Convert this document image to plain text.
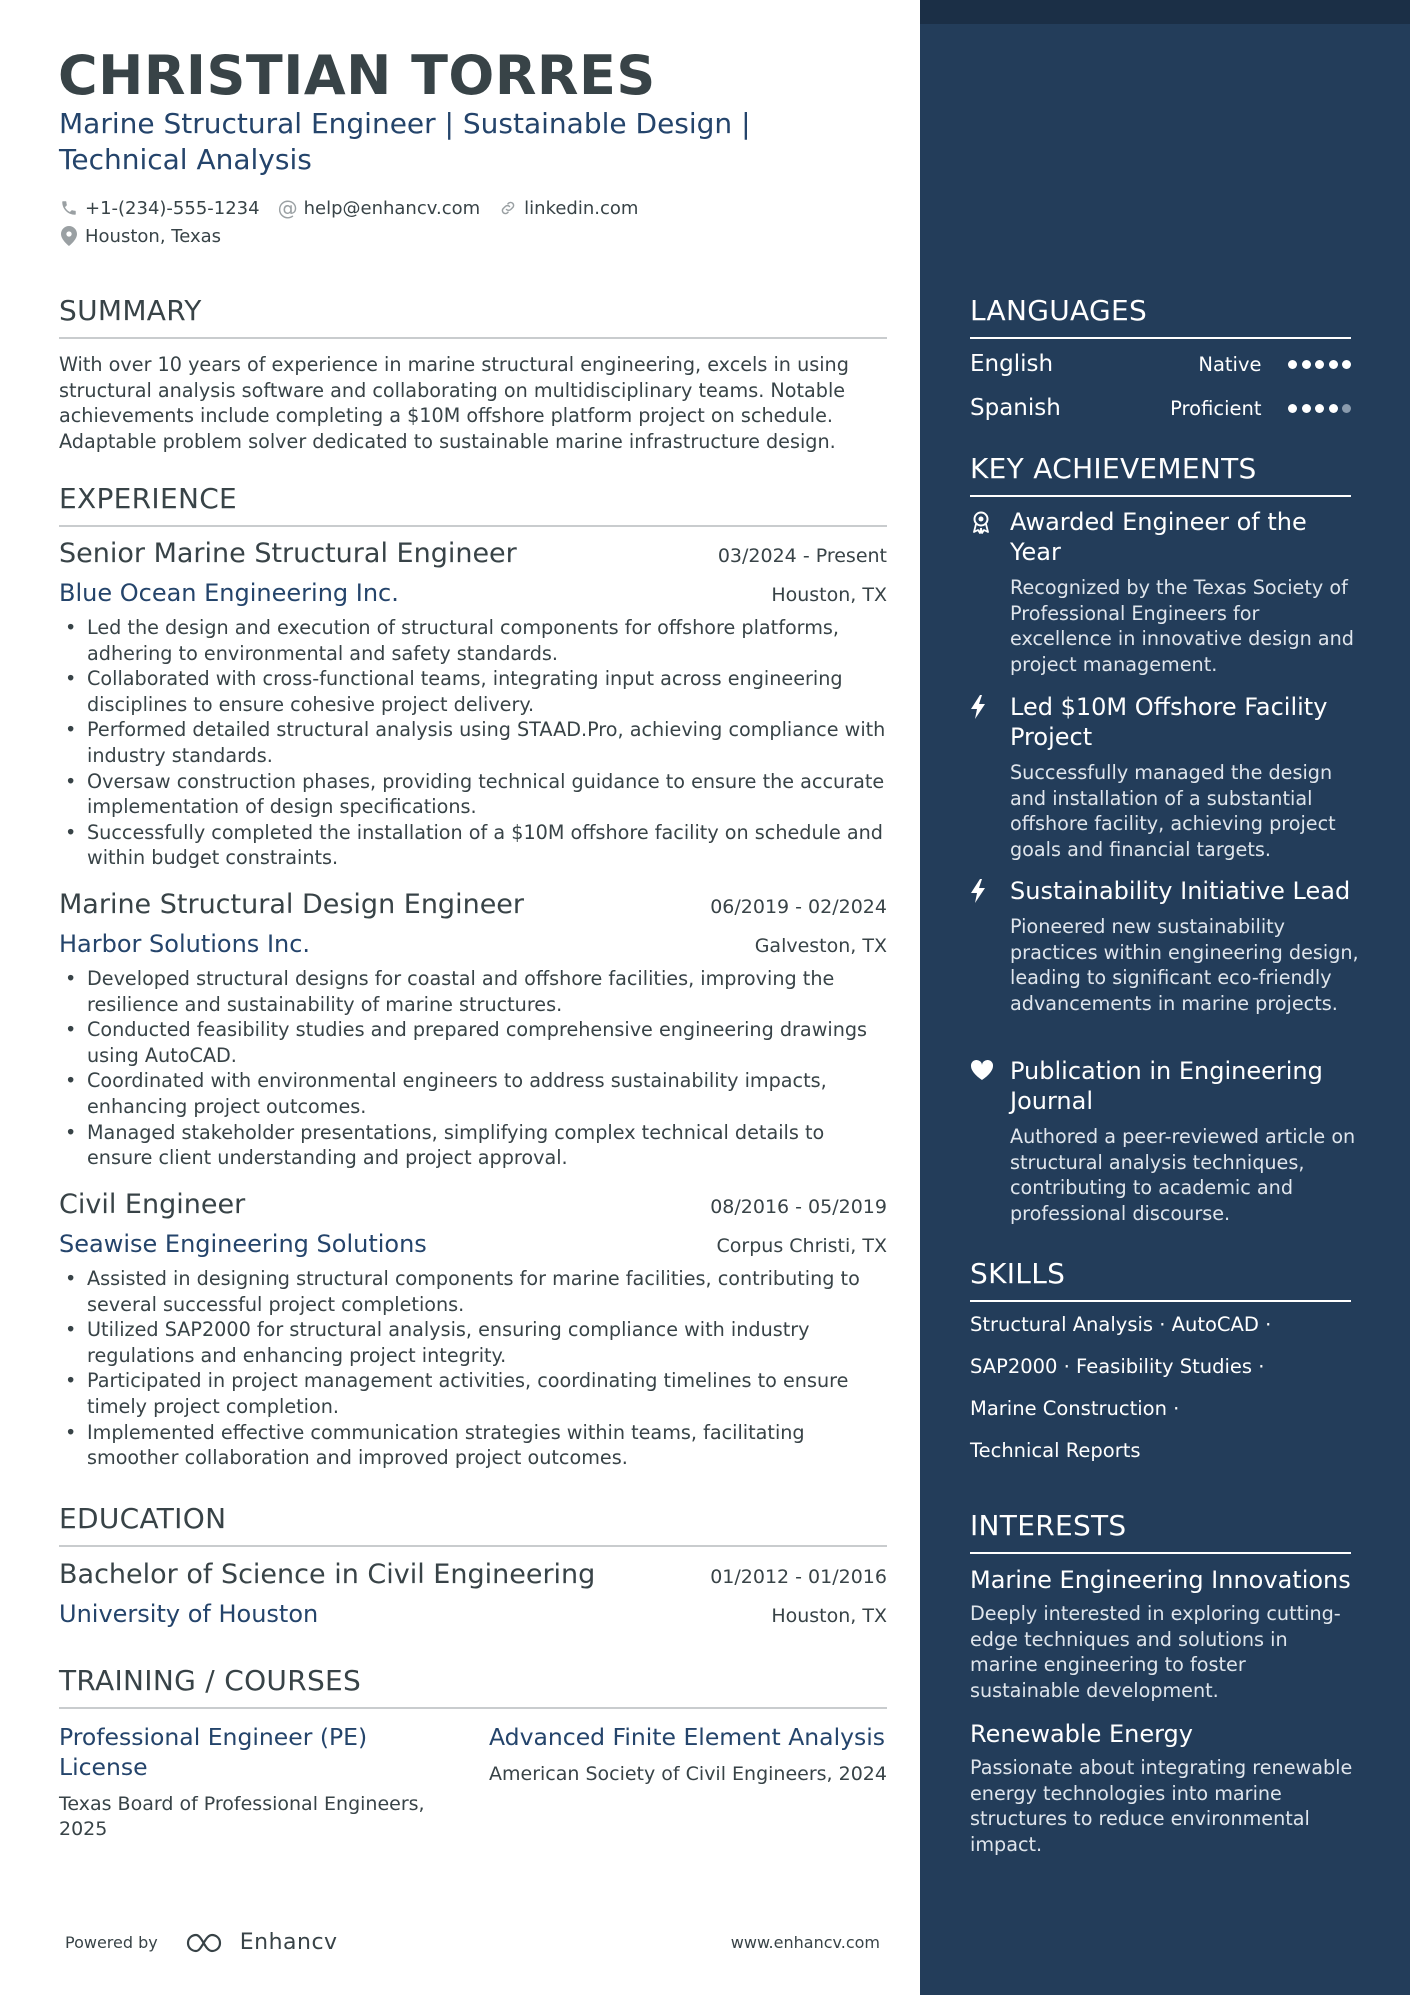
CHRISTIAN TORRES
Marine Structural Engineer | Sustainable Design | Technical Analysis
+1-(234)-555-1234 @ help@enhancv.com linkedin.com
Houston, Texas
SUMMARY
With over 10 years of experience in marine structural engineering, excels in using structural analysis software and collaborating on multidisciplinary teams. Notable achievements include completing a $10M offshore platform project on schedule. Adaptable problem solver dedicated to sustainable marine infrastructure design.
EXPERIENCE
Senior Marine Structural Engineer	03/2024 - Present
Blue Ocean Engineering Inc.	Houston, TX
• Led the design and execution of structural components for offshore platforms, adhering to environmental and safety standards.
• Collaborated with cross-functional teams, integrating input across engineering disciplines to ensure cohesive project delivery.
• Performed detailed structural analysis using STAAD.Pro, achieving compliance with industry standards.
• Oversaw construction phases, providing technical guidance to ensure the accurate implementation of design specifications.
• Successfully completed the installation of a $10M offshore facility on schedule and within budget constraints.
Marine Structural Design Engineer	06/2019 - 02/2024
Harbor Solutions Inc.	Galveston, TX
• Developed structural designs for coastal and offshore facilities, improving the resilience and sustainability of marine structures.
• Conducted feasibility studies and prepared comprehensive engineering drawings using AutoCAD.
• Coordinated with environmental engineers to address sustainability impacts, enhancing project outcomes.
• Managed stakeholder presentations, simplifying complex technical details to ensure client understanding and project approval.
Civil Engineer	08/2016 - 05/2019
Seawise Engineering Solutions	Corpus Christi, TX
• Assisted in designing structural components for marine facilities, contributing to several successful project completions.
• Utilized SAP2000 for structural analysis, ensuring compliance with industry regulations and enhancing project integrity.
• Participated in project management activities, coordinating timelines to ensure timely project completion.
• Implemented effective communication strategies within teams, facilitating smoother collaboration and improved project outcomes.
EDUCATION
Bachelor of Science in Civil Engineering	01/2012 - 01/2016
University of Houston	Houston, TX
TRAINING / COURSES
Professional Engineer (PE) License
Texas Board of Professional Engineers, 2025
Advanced Finite Element Analysis
American Society of Civil Engineers, 2024
Powered by	Enhancv	www.enhancv.com
LANGUAGES
English	Native
Spanish	Proficient
KEY ACHIEVEMENTS
Awarded Engineer of the Year
Recognized by the Texas Society of Professional Engineers for excellence in innovative design and project management.
Led $10M Offshore Facility Project
Successfully managed the design and installation of a substantial offshore facility, achieving project goals and financial targets.
Sustainability Initiative Lead
Pioneered new sustainability practices within engineering design, leading to significant eco-friendly advancements in marine projects.
Publication in Engineering Journal
Authored a peer-reviewed article on structural analysis techniques, contributing to academic and professional discourse.
SKILLS
Structural Analysis · AutoCAD ·
SAP2000 · Feasibility Studies ·
Marine Construction ·
Technical Reports
INTERESTS
Marine Engineering Innovations
Deeply interested in exploring cutting-edge techniques and solutions in marine engineering to foster sustainable development.
Renewable Energy
Passionate about integrating renewable energy technologies into marine structures to reduce environmental impact.
